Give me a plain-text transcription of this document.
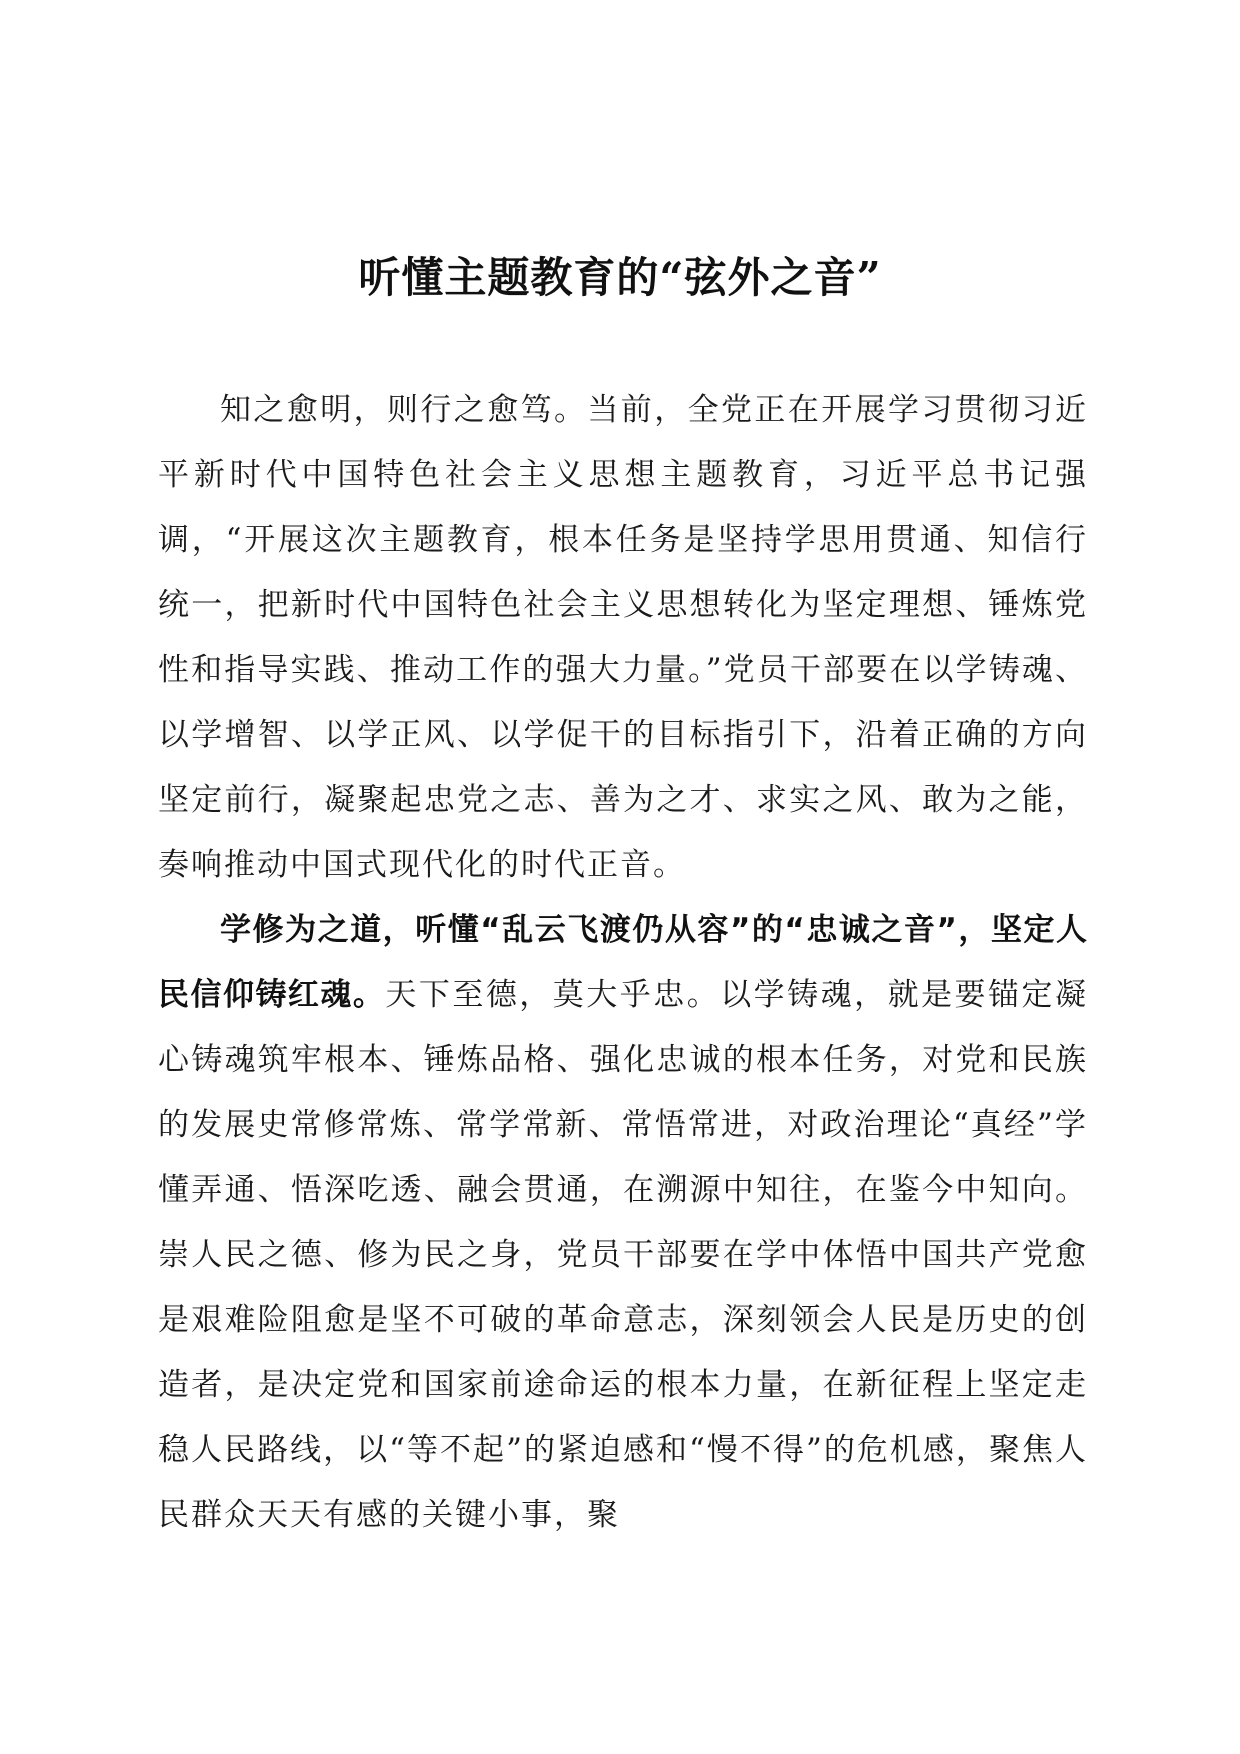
听懂主题教育的“弦外之音”

知之愈明，则行之愈笃。当前，全党正在开展学习贯彻习近平新时代中国特色社会主义思想主题教育，习近平总书记强调，“开展这次主题教育，根本任务是坚持学思用贯通、知信行统一，把新时代中国特色社会主义思想转化为坚定理想、锤炼党性和指导实践、推动工作的强大力量。”党员干部要在以学铸魂、以学增智、以学正风、以学促干的目标指引下，沿着正确的方向坚定前行，凝聚起忠党之志、善为之才、求实之风、敢为之能，奏响推动中国式现代化的时代正音。

学修为之道，听懂“乱云飞渡仍从容”的“忠诚之音”，坚定人民信仰铸红魂。天下至德，莫大乎忠。以学铸魂，就是要锚定凝心铸魂筑牢根本、锤炼品格、强化忠诚的根本任务，对党和民族的发展史常修常炼、常学常新、常悟常进，对政治理论“真经”学懂弄通、悟深吃透、融会贯通，在溯源中知往，在鉴今中知向。崇人民之德、修为民之身，党员干部要在学中体悟中国共产党愈是艰难险阻愈是坚不可破的革命意志，深刻领会人民是历史的创造者，是决定党和国家前途命运的根本力量，在新征程上坚定走稳人民路线，以“等不起”的紧迫感和“慢不得”的危机感，聚焦人民群众天天有感的关键小事，聚
